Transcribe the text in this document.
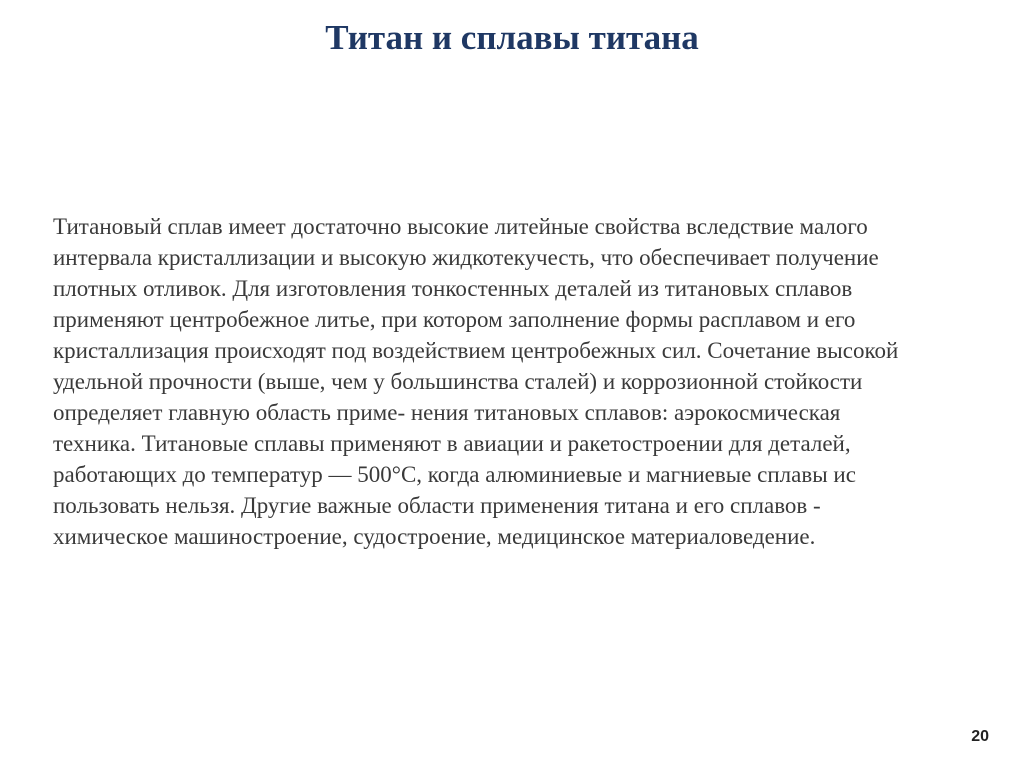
Титан и сплавы титана
Титановый сплав имеет достаточно высокие литейные свойства вследствие малого
интервала кристаллизации и высокую жидкотекучесть, что обеспечивает получение
плотных отливок. Для изготовления тонкостенных деталей из титановых сплавов
применяют центробежное литье, при котором заполнение формы расплавом и его
кристаллизация происходят под воздействием центробежных сил. Сочетание высокой
удельной прочности (выше, чем у большинства сталей) и коррозионной стойкости
определяет главную область приме- нения титановых сплавов: аэрокосмическая
техника. Титановые сплавы применяют в авиации и ракетостроении для деталей,
работающих до температур — 500°С, когда алюминиевые и магниевые сплавы ис
пользовать нельзя. Другие важные области применения титана и его сплавов -
химическое машиностроение, судостроение, медицинское материаловедение.
20
